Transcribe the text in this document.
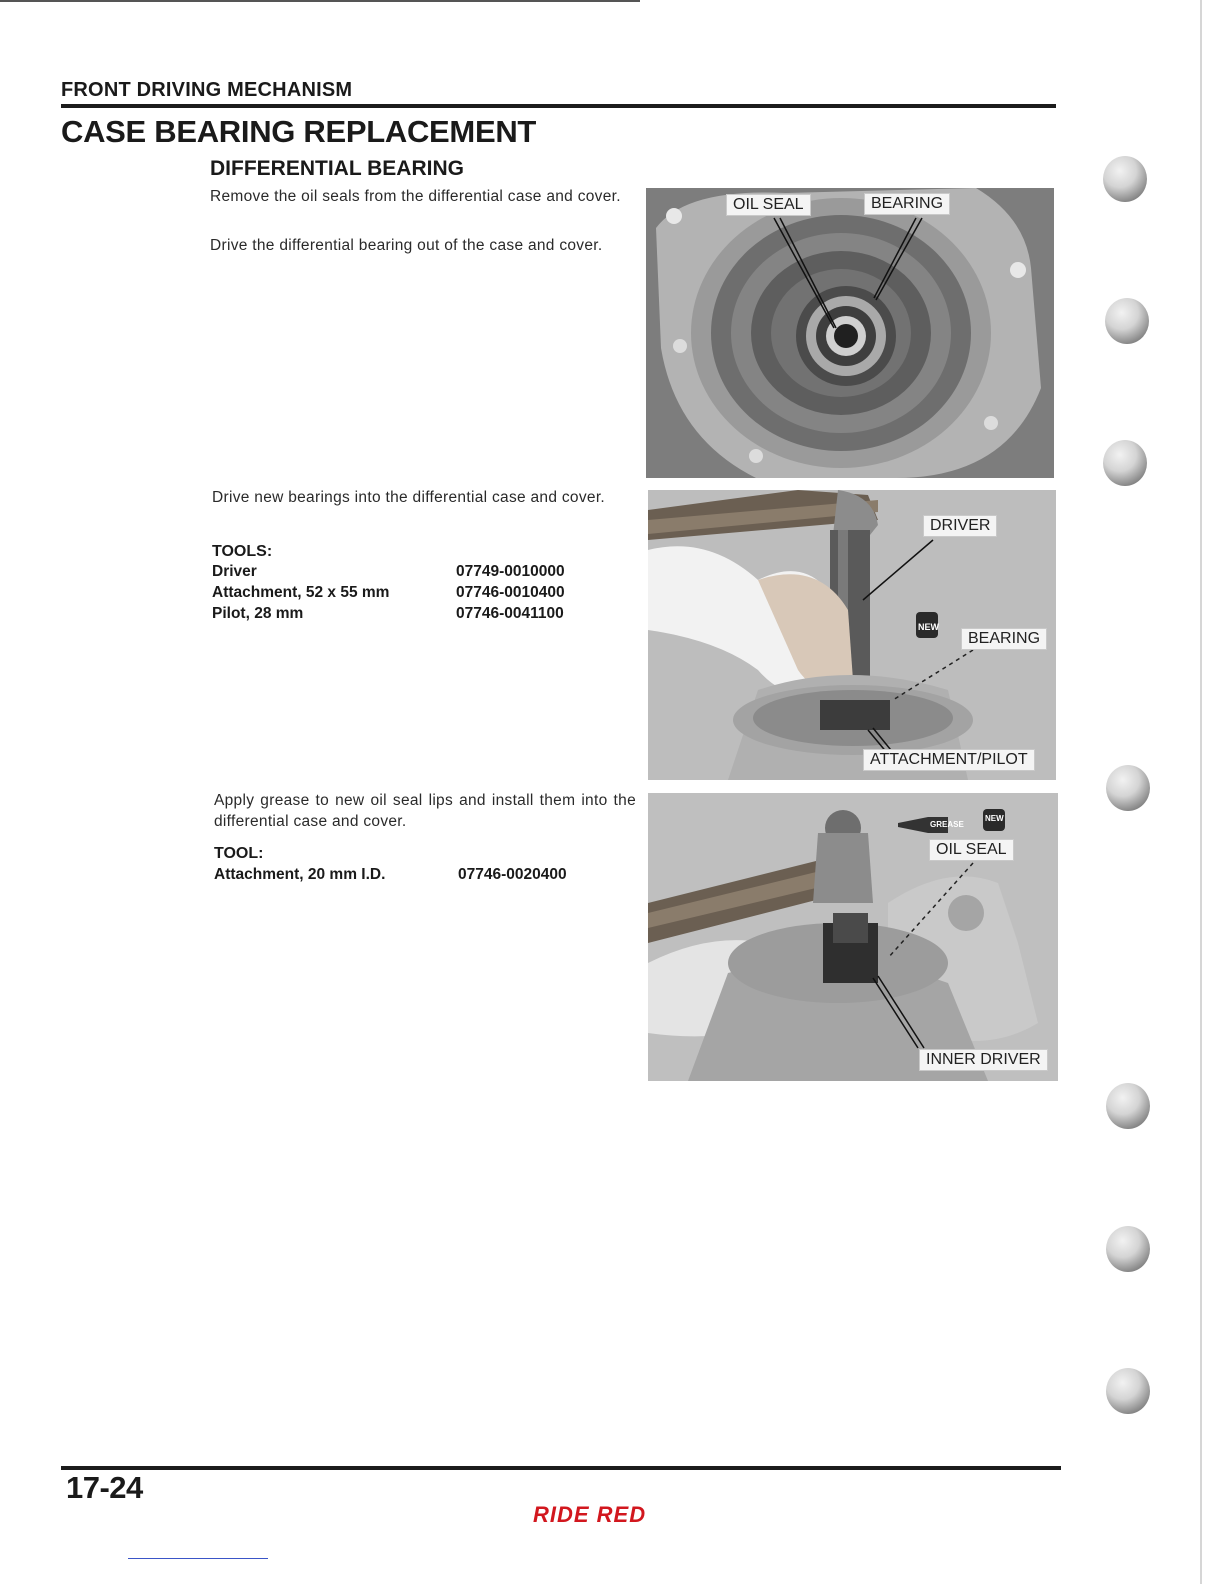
FRONT DRIVING MECHANISM
CASE BEARING REPLACEMENT
DIFFERENTIAL BEARING
Remove the oil seals from the differential case and cover.
Drive the differential bearing out of the case and cover.
Drive new bearings into the differential case and cover.
TOOLS:
Driver	07749-0010000
Attachment, 52 x 55 mm	07746-0010400
Pilot, 28 mm	07746-0041100
Apply grease to new oil seal lips and install them into the differential case and cover.
TOOL:
Attachment, 20 mm I.D.	07746-0020400
OIL SEAL	BEARING
DRIVER
NEW
BEARING
ATTACHMENT/PILOT
GREASE
NEW
OIL SEAL
INNER DRIVER
17-24
RIDE RED
